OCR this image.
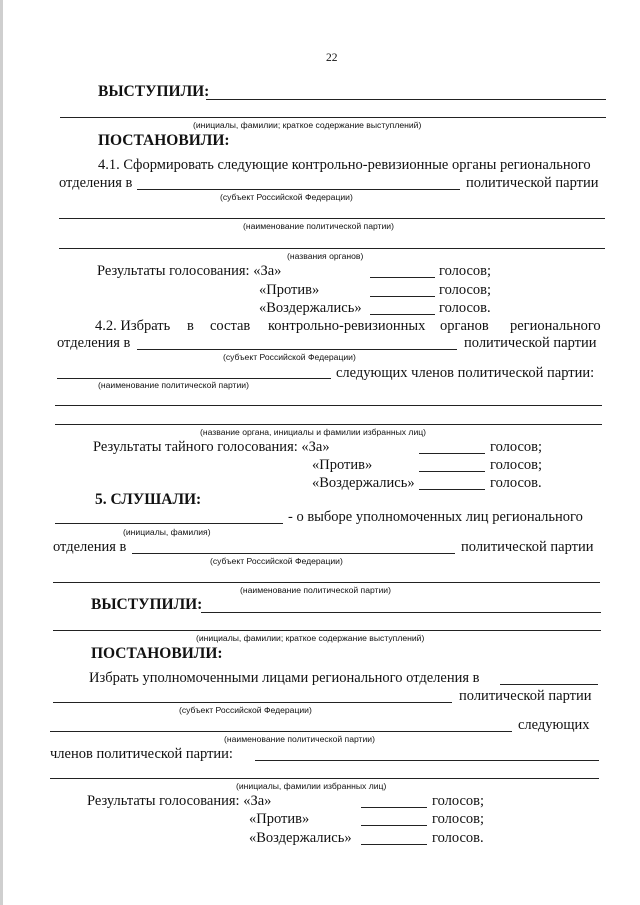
22
ВЫСТУПИЛИ:
(инициалы, фамилии; краткое содержание выступлений)
ПОСТАНОВИЛИ:
4.1. Сформировать следующие контрольно-ревизионные органы регионального
отделения в	политической партии
(субъект Российской Федерации)
(наименование политической партии)
(названия органов)
Результаты голосования: «За»	голосов;
«Против»	голосов;
«Воздержались»	голосов.
4.2. Избрать в состав контрольно-ревизионных органов регионального
отделения в	политической партии
(субъект Российской Федерации)
следующих членов политической партии:
(наименование политической партии)
(название органа, инициалы и фамилии избранных лиц)
Результаты тайного голосования: «За»	голосов;
«Против»	голосов;
«Воздержались»	голосов.
5. СЛУШАЛИ:
- о выборе уполномоченных лиц регионального
(инициалы, фамилия)
отделения в	политической партии
(субъект Российской Федерации)
(наименование политической партии)
ВЫСТУПИЛИ:
(инициалы, фамилии; краткое содержание выступлений)
ПОСТАНОВИЛИ:
Избрать уполномоченными лицами регионального отделения в
политической партии
(субъект Российской Федерации)
следующих
(наименование политической партии)
членов политической партии:
(инициалы, фамилии избранных лиц)
Результаты голосования: «За»	голосов;
«Против»	голосов;
«Воздержались»	голосов.
